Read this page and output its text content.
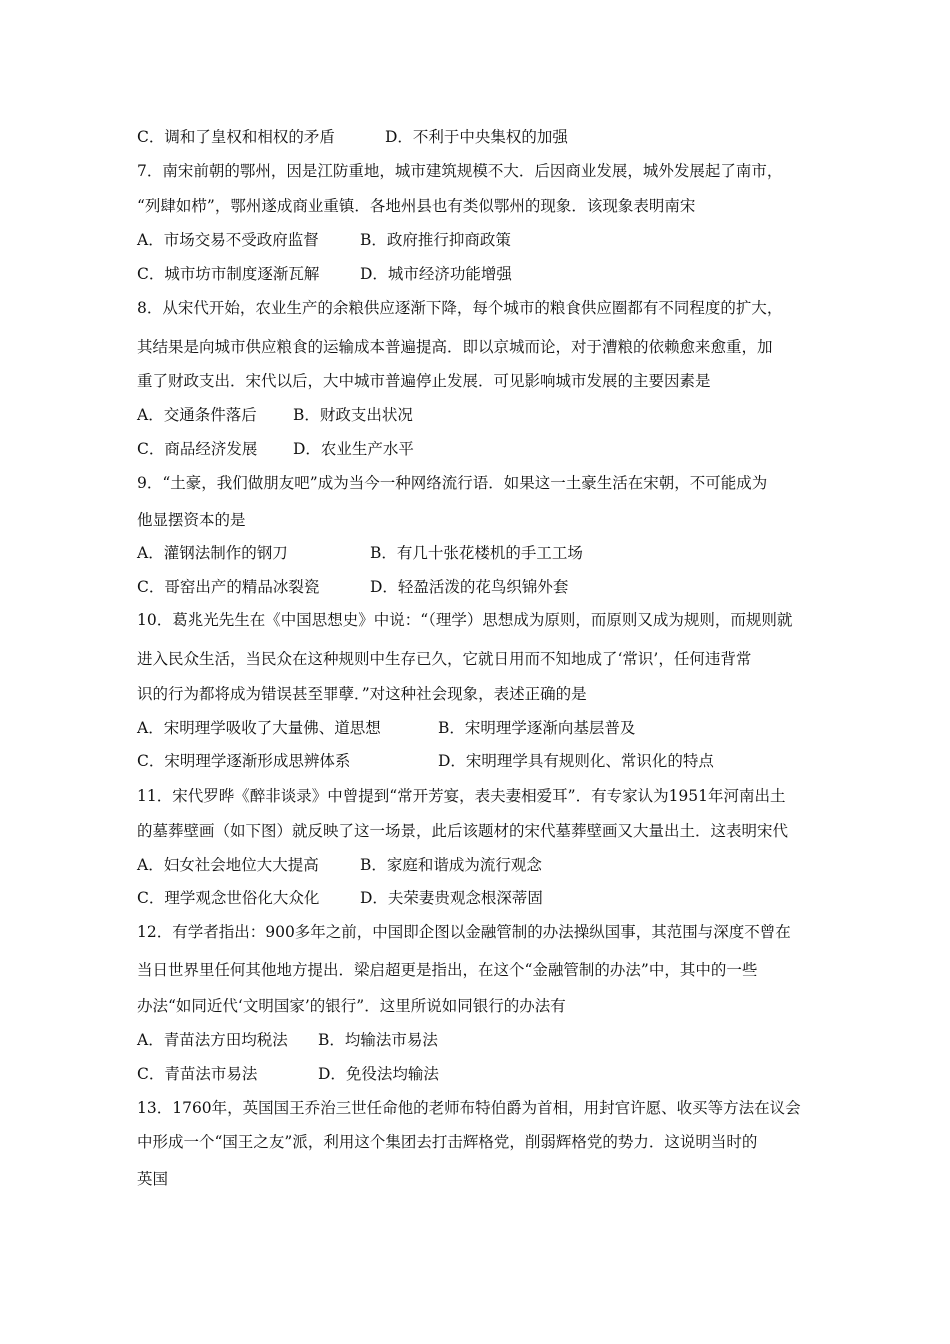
C．调和了皇权和相权的矛盾	D．不利于中央集权的加强
7．南宋前朝的鄂州，因是江防重地，城市建筑规模不大．后因商业发展，城外发展起了南市，
“列肆如栉”，鄂州遂成商业重镇．各地州县也有类似鄂州的现象．该现象表明南宋
A．市场交易不受政府监督	B．政府推行抑商政策
C．城市坊市制度逐渐瓦解	D．城市经济功能增强
8．从宋代开始，农业生产的余粮供应逐渐下降，每个城市的粮食供应圈都有不同程度的扩大，
其结果是向城市供应粮食的运输成本普遍提高．即以京城而论，对于漕粮的依赖愈来愈重，加
重了财政支出．宋代以后，大中城市普遍停止发展．可见影响城市发展的主要因素是
A．交通条件落后 B．财政支出状况
C．商品经济发展 D．农业生产水平
9．“土豪，我们做朋友吧”成为当今一种网络流行语．如果这一土豪生活在宋朝，不可能成为
他显摆资本的是
A．灌钢法制作的钢刀	B．有几十张花楼机的手工工场
C．哥窑出产的精品冰裂瓷	D．轻盈活泼的花鸟织锦外套
10．葛兆光先生在《中国思想史》中说：“（理学）思想成为原则，而原则又成为规则，而规则就
进入民众生活，当民众在这种规则中生存已久，它就日用而不知地成了‘常识’，任何违背常
识的行为都将成为错误甚至罪孽．”对这种社会现象，表述正确的是
A．宋明理学吸收了大量佛、道思想	B．宋明理学逐渐向基层普及
C．宋明理学逐渐形成思辨体系	D．宋明理学具有规则化、常识化的特点
11．宋代罗晔《醉非谈录》中曾提到“常开芳宴，表夫妻相爱耳”．有专家认为1951年河南出土
的墓葬壁画（如下图）就反映了这一场景，此后该题材的宋代墓葬壁画又大量出土．这表明宋代
A．妇女社会地位大大提高	B．家庭和谐成为流行观念
C．理学观念世俗化大众化	D．夫荣妻贵观念根深蒂固
12．有学者指出：900多年之前，中国即企图以金融管制的办法操纵国事，其范围与深度不曾在
当日世界里任何其他地方提出．梁启超更是指出，在这个“金融管制的办法”中，其中的一些
办法“如同近代‘文明国家’的银行”．这里所说如同银行的办法有
A．青苗法方田均税法 B．均输法市易法
C．青苗法市易法	D．免役法均输法
13．1760年，英国国王乔治三世任命他的老师布特伯爵为首相，用封官许愿、收买等方法在议会
中形成一个“国王之友”派，利用这个集团去打击辉格党，削弱辉格党的势力．这说明当时的
英国
